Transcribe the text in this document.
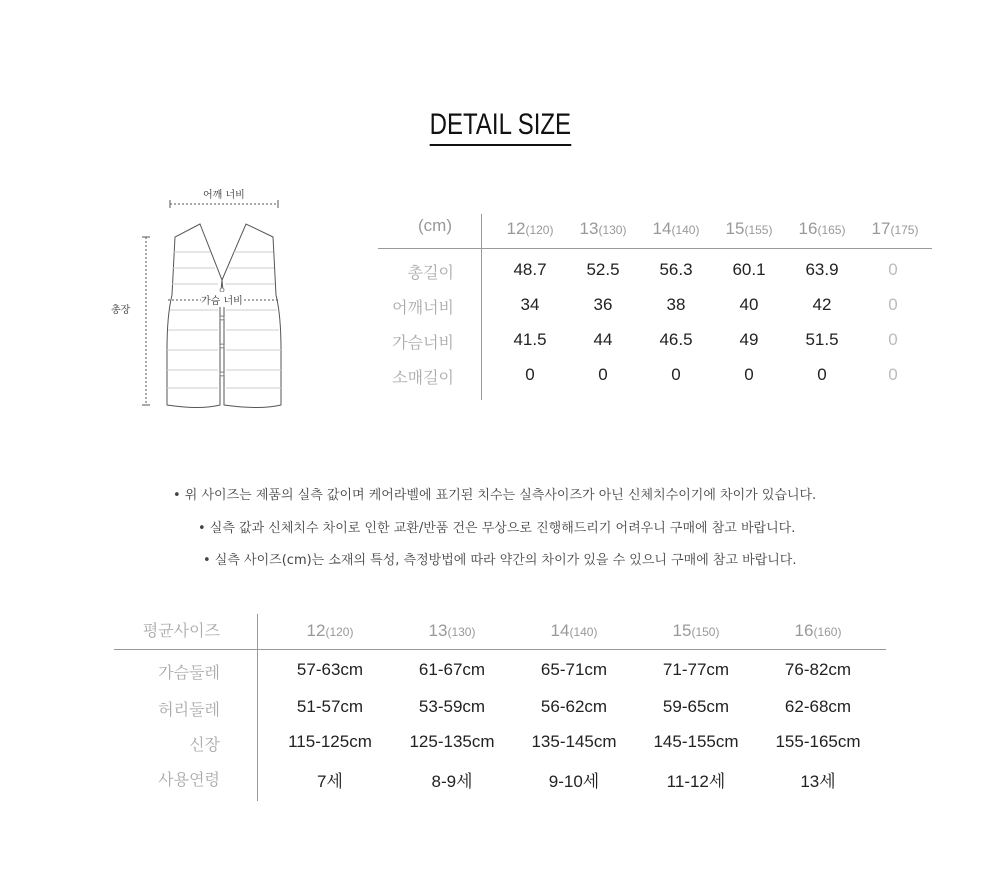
DETAIL SIZE
어깨 너비
가슴 너비
총장
(cm)	12(120)	13(130)	14(140)	15(155)	16(165)	17(175)
총길이	48.7	52.5	56.3	60.1	63.9	0
어깨너비	34	36	38	40	42	0
가슴너비	41.5	44	46.5	49	51.5	0
소매길이	0	0	0	0	0	0
• 위 사이즈는 제품의 실측 값이며 케어라벨에 표기된 치수는 실측사이즈가 아닌 신체치수이기에 차이가 있습니다.
• 실측 값과 신체치수 차이로 인한 교환/반품 건은 무상으로 진행해드리기 어려우니 구매에 참고 바랍니다.
• 실측 사이즈(cm)는 소재의 특성, 측정방법에 따라 약간의 차이가 있을 수 있으니 구매에 참고 바랍니다.
평균사이즈	12(120)	13(130)	14(140)	15(150)	16(160)
가슴둘레	57-63cm	61-67cm	65-71cm	71-77cm	76-82cm
허리둘레	51-57cm	53-59cm	56-62cm	59-65cm	62-68cm
신장	115-125cm	125-135cm	135-145cm	145-155cm	155-165cm
사용연령	7세	8-9세	9-10세	11-12세	13세
